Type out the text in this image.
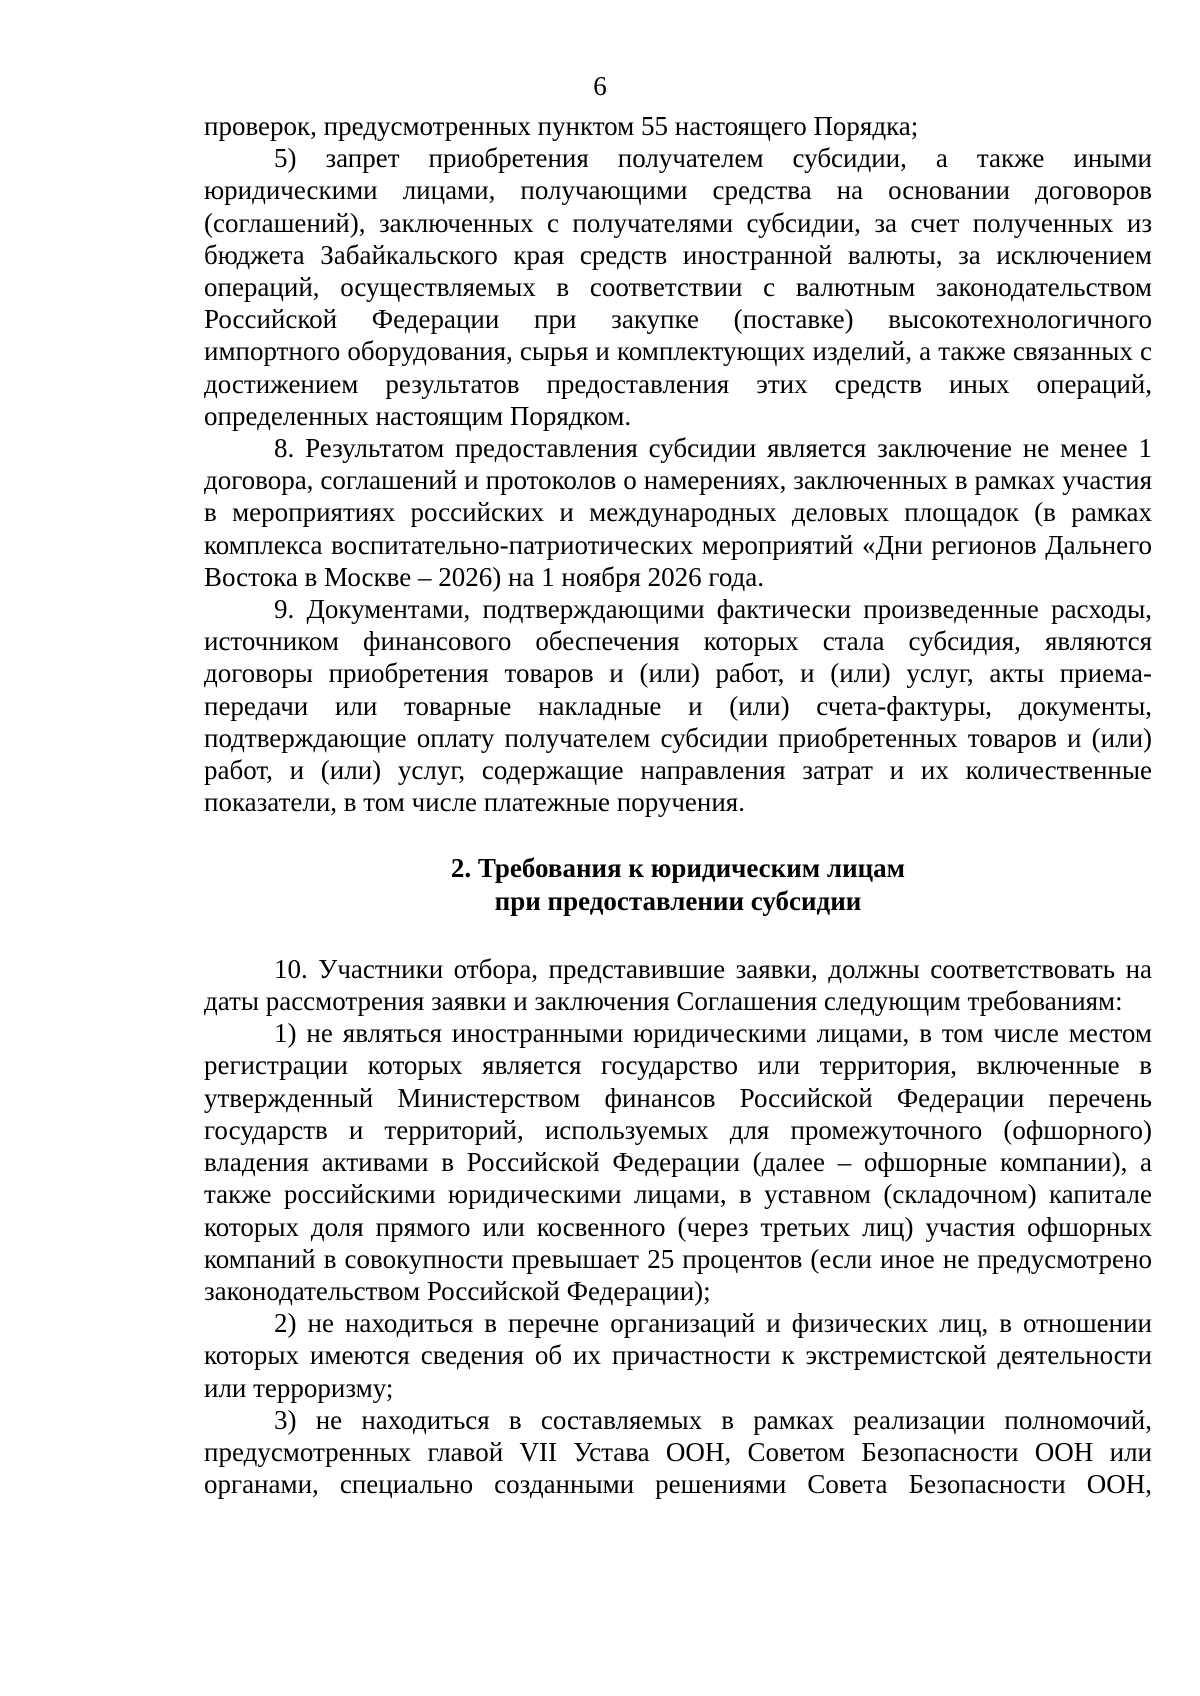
6

проверок, предусмотренных пунктом 55 настоящего Порядка;

5) запрет приобретения получателем субсидии, а также иными юридическими лицами, получающими средства на основании договоров (соглашений), заключенных с получателями субсидии, за счет полученных из бюджета Забайкальского края средств иностранной валюты, за исключением операций, осуществляемых в соответствии с валютным законодательством Российской Федерации при закупке (поставке) высокотехнологичного импортного оборудования, сырья и комплектующих изделий, а также связанных с достижением результатов предоставления этих средств иных операций, определенных настоящим Порядком.

8. Результатом предоставления субсидии является заключение не менее 1 договора, соглашений и протоколов о намерениях, заключенных в рамках участия в мероприятиях российских и международных деловых площадок (в рамках комплекса воспитательно-патриотических мероприятий «Дни регионов Дальнего Востока в Москве – 2026) на 1 ноября 2026 года.

9. Документами, подтверждающими фактически произведенные расходы, источником финансового обеспечения которых стала субсидия, являются договоры приобретения товаров и (или) работ, и (или) услуг, акты приема-передачи или товарные накладные и (или) счета-фактуры, документы, подтверждающие оплату получателем субсидии приобретенных товаров и (или) работ, и (или) услуг, содержащие направления затрат и их количественные показатели, в том числе платежные поручения.

2. Требования к юридическим лицам
при предоставлении субсидии

10. Участники отбора, представившие заявки, должны соответствовать на даты рассмотрения заявки и заключения Соглашения следующим требованиям:

1) не являться иностранными юридическими лицами, в том числе местом регистрации которых является государство или территория, включенные в утвержденный Министерством финансов Российской Федерации перечень государств и территорий, используемых для промежуточного (офшорного) владения активами в Российской Федерации (далее – офшорные компании), а также российскими юридическими лицами, в уставном (складочном) капитале которых доля прямого или косвенного (через третьих лиц) участия офшорных компаний в совокупности превышает 25 процентов (если иное не предусмотрено законодательством Российской Федерации);

2) не находиться в перечне организаций и физических лиц, в отношении которых имеются сведения об их причастности к экстремистской деятельности или терроризму;

3) не находиться в составляемых в рамках реализации полномочий, предусмотренных главой VII Устава ООН, Советом Безопасности ООН или органами, специально созданными решениями Совета Безопасности ООН,
